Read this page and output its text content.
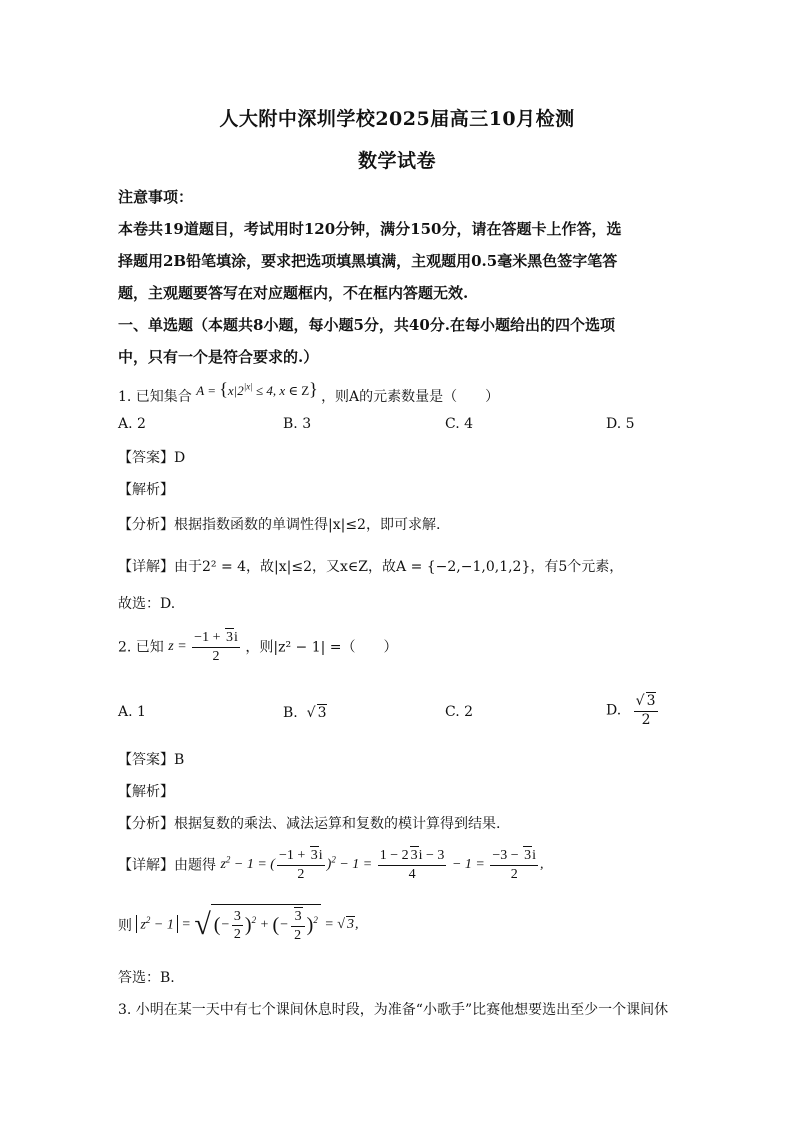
人大附中深圳学校2025届高三10月检测
数学试卷
注意事项：
本卷共19道题目，考试用时120分钟，满分150分，请在答题卡上作答，选
择题用2B铅笔填涂，要求把选项填黑填满，主观题用0.5毫米黑色签字笔答
题，主观题要答写在对应题框内，不在框内答题无效.
一、单选题（本题共8小题，每小题5分，共40分.在每小题给出的四个选项
中，只有一个是符合要求的.）
1. 已知集合 $A = \{x|2^{|x|} \le 4$, x ∈ Z} ，则A的元素数量是（　　）
A. 2	B. 3	C. 4	D. 5
【答案】D
【解析】
【分析】根据指数函数的单调性得|x|≤2，即可求解.
【详解】由于2² = 4，故|x|≤2，又x∈Z，故A = {−2,−1,0,1,2}，有5个元素，
故选：D.
2. 已知 $z = \frac{-1 + 3i}{2}$ ，则|z² − 1| =（　　）
A. 1	B.  √ 3	C. 2	D. $\frac{√ 3}{2}$
【答案】B
【解析】
【分析】根据复数的乘法、减法运算和复数的模计算得到结果.
【详解】由题得 $z^2 - 1$ = ( $\frac{-1 + 3i}{2} )^2 - 1 = \frac{1 - 2 3i - 3}{4} - 1 = \frac{-3 - 3i}{2}$ ,
则 $z^2 - 1$ = √ (− $\frac{3}{2} )^2$ + (− $\frac{3}{2} )^2$ = √ 3,
答选：B.
3. 小明在某一天中有七个课间休息时段，为准备“小歌手”比赛他想要选出至少一个课间休
